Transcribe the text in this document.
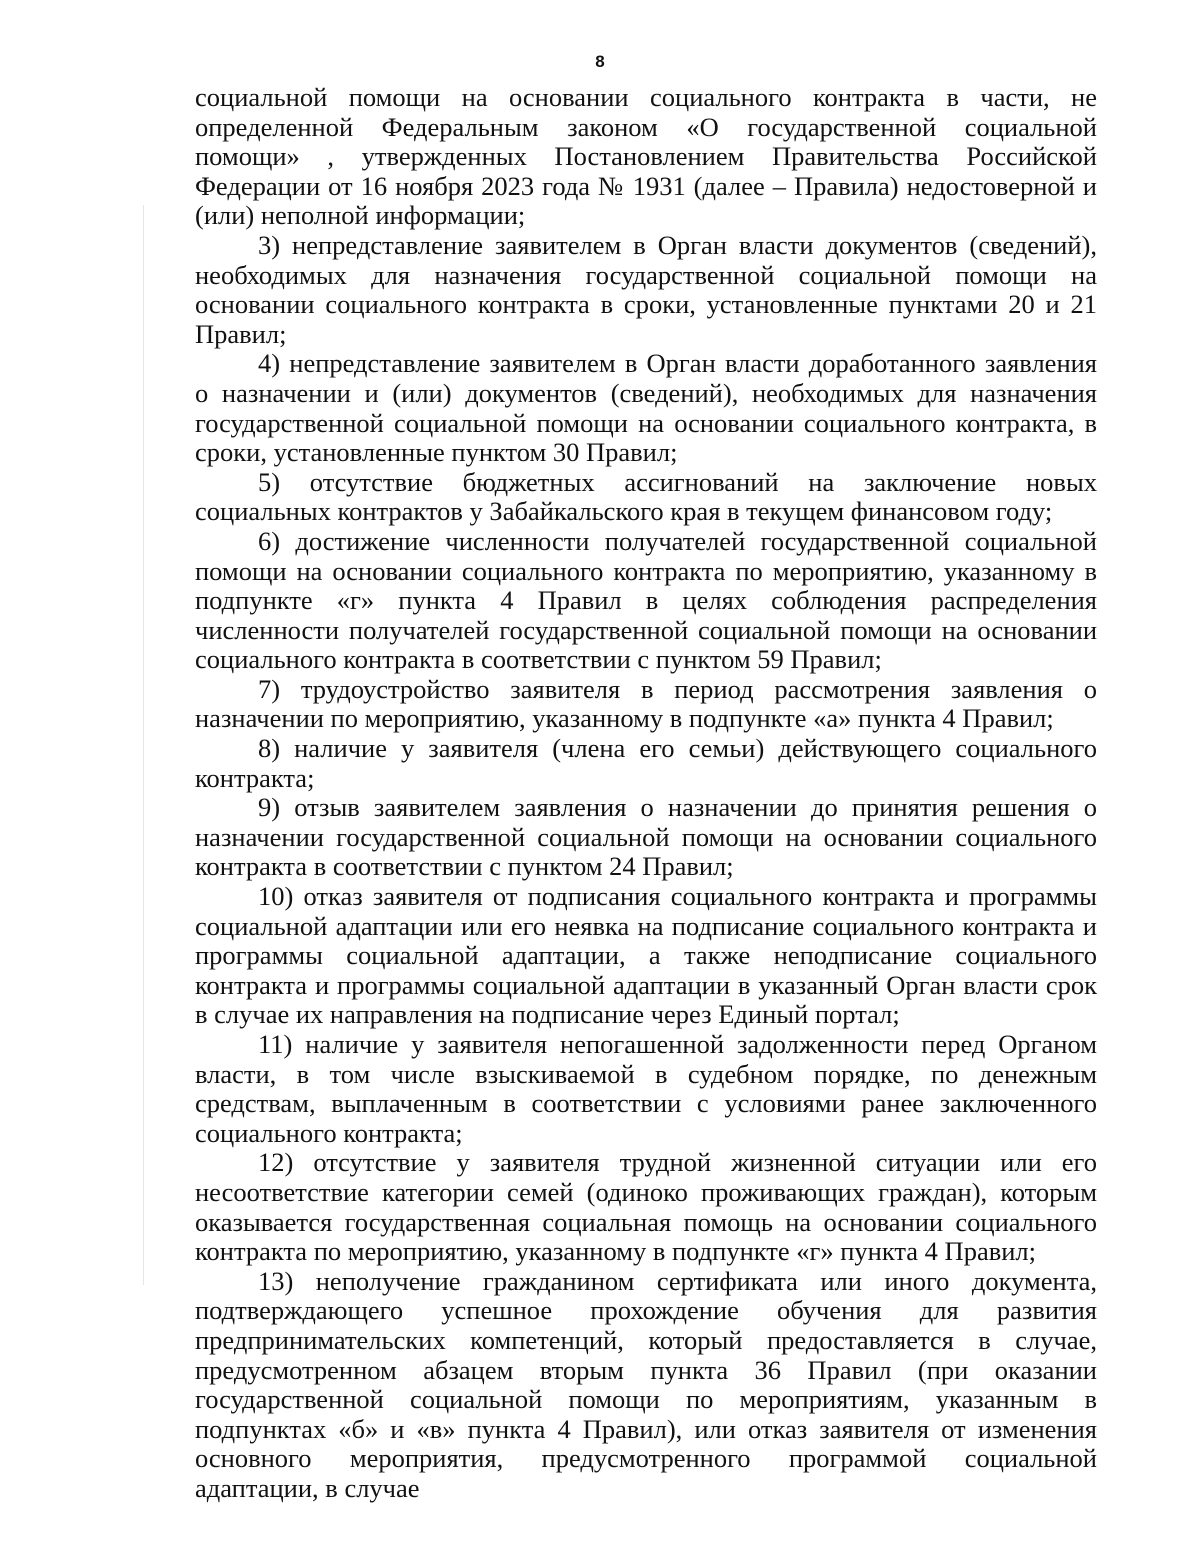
8

социальной помощи на основании социального контракта в части, не определенной Федеральным законом «О государственной социальной помощи» , утвержденных Постановлением Правительства Российской Федерации от 16 ноября 2023 года № 1931 (далее – Правила) недостоверной и (или) неполной информации;

3) непредставление заявителем в Орган власти документов (сведений), необходимых для назначения государственной социальной помощи на основании социального контракта в сроки, установленные пунктами 20 и 21 Правил;

4) непредставление заявителем в Орган власти доработанного заявления о назначении и (или) документов (сведений), необходимых для назначения государственной социальной помощи на основании социального контракта, в сроки, установленные пунктом 30 Правил;

5) отсутствие бюджетных ассигнований на заключение новых социальных контрактов у Забайкальского края в текущем финансовом году;

6) достижение численности получателей государственной социальной помощи на основании социального контракта по мероприятию, указанному в подпункте «г» пункта 4 Правил в целях соблюдения распределения численности получателей государственной социальной помощи на основании социального контракта в соответствии с пунктом 59 Правил;

7) трудоустройство заявителя в период рассмотрения заявления о назначении по мероприятию, указанному в подпункте «а» пункта 4 Правил;

8) наличие у заявителя (члена его семьи) действующего социального контракта;

9) отзыв заявителем заявления о назначении до принятия решения о назначении государственной социальной помощи на основании социального контракта в соответствии с пунктом 24 Правил;

10) отказ заявителя от подписания социального контракта и программы социальной адаптации или его неявка на подписание социального контракта и программы социальной адаптации, а также неподписание социального контракта и программы социальной адаптации в указанный Орган власти срок в случае их направления на подписание через Единый портал;

11) наличие у заявителя непогашенной задолженности перед Органом власти, в том числе взыскиваемой в судебном порядке, по денежным средствам, выплаченным в соответствии с условиями ранее заключенного социального контракта;

12) отсутствие у заявителя трудной жизненной ситуации или его несоответствие категории семей (одиноко проживающих граждан), которым оказывается государственная социальная помощь на основании социального контракта по мероприятию, указанному в подпункте «г» пункта 4 Правил;

13) неполучение гражданином сертификата или иного документа, подтверждающего успешное прохождение обучения для развития предпринимательских компетенций, который предоставляется в случае, предусмотренном абзацем вторым пункта 36 Правил (при оказании государственной социальной помощи по мероприятиям, указанным в подпунктах «б» и «в» пункта 4 Правил), или отказ заявителя от изменения основного мероприятия, предусмотренного программой социальной адаптации, в случае
